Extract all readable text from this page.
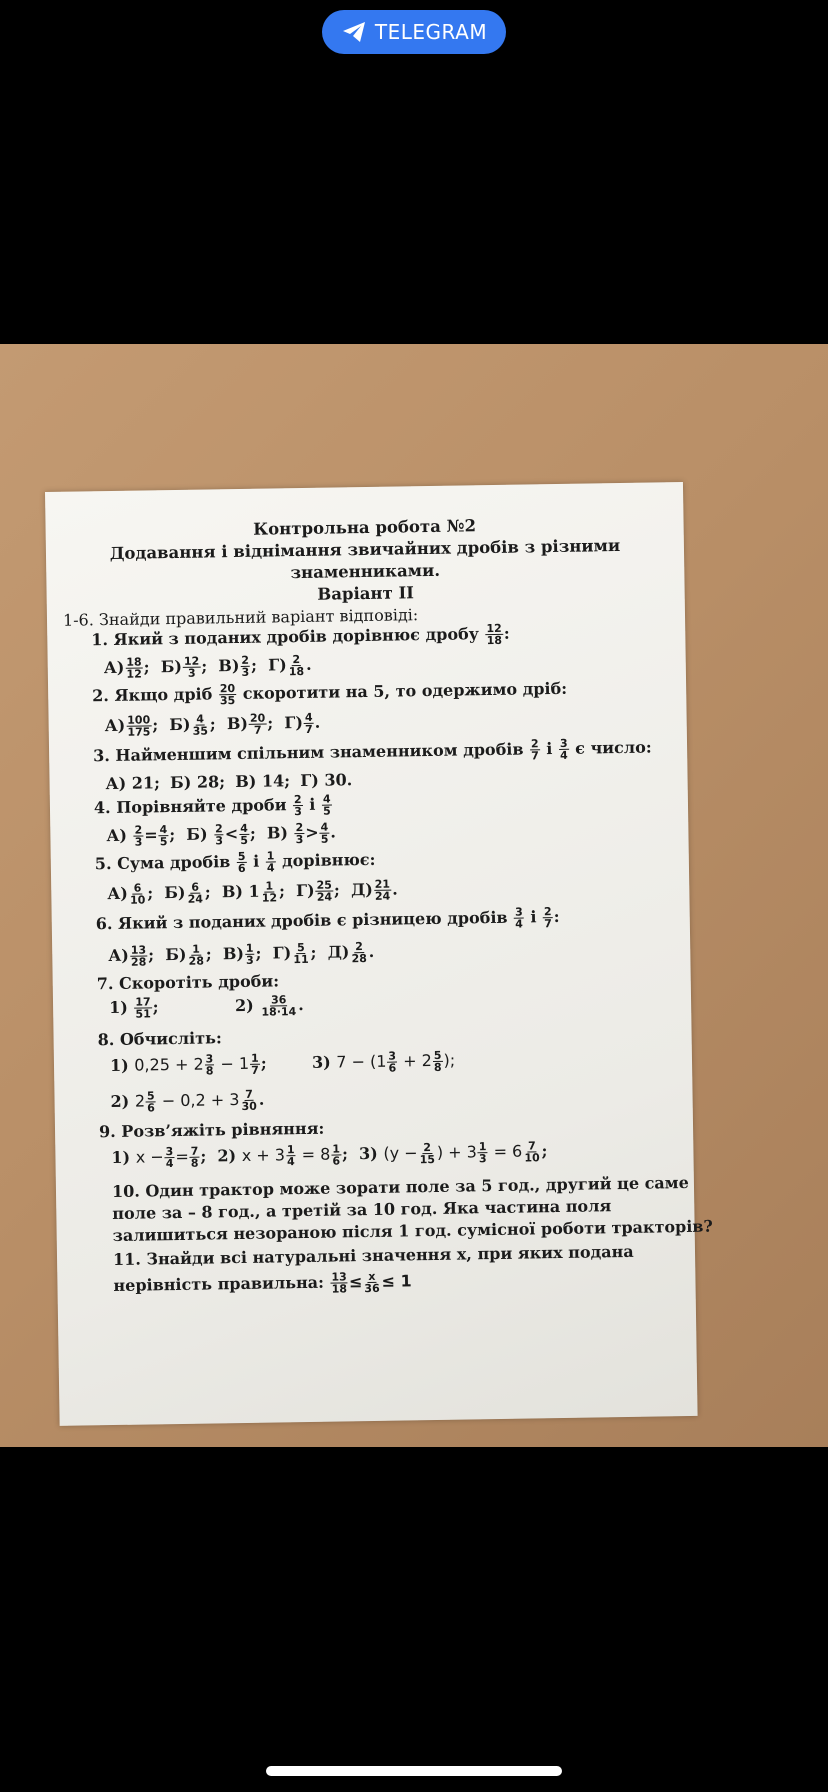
TELEGRAM
Контрольна робота №2
Додавання і віднімання звичайних дробів з різними
знаменниками.
Варіант ІІ
1-6. Знайди правильний варіант відповіді:
1. Який з поданих дробів дорівнює дробу $\frac{12}{18}$ :
$А) \frac{18}{12}$ ;  $Б) \frac{12}{3}$ ;  $В) \frac{2}{3}$ ;  $Г) \frac{2}{18}$ .
2. Якщо дріб $\frac{20}{35}$ скоротити на 5, то одержимо дріб:
$А) \frac{100}{175}$ ;  $Б) \frac{4}{35}$ ;  $В) \frac{20}{7}$ ;  $Г) \frac{4}{7}$ .
3. Найменшим спільним знаменником дробів $\frac{2}{7}$ і $\frac{3}{4}$ є число:
А) 21; Б) 28; В) 14; Г) 30.
4. Порівняйте дроби $\frac{2}{3}$ і $\frac{4}{5}$
$А) \frac{2}{3} = \frac{4}{5}$ ;  $Б) \frac{2}{3} < \frac{4}{5}$ ;  $В) \frac{2}{3} > \frac{4}{5}$ .
5. Сума дробів $\frac{5}{6}$ і $\frac{1}{4}$ дорівнює:
$А) \frac{6}{10}$ ;  $Б) \frac{6}{24}$ ;  В) $1 \frac{1}{12}$ ;  $Г) \frac{25}{24}$ ;  $Д) \frac{21}{24}$ .
6. Який з поданих дробів є різницею дробів $\frac{3}{4}$ і $\frac{2}{7}$ :
$А) \frac{13}{28}$ ;  $Б) \frac{1}{28}$ ;  $В) \frac{1}{3}$ ;  $Г) \frac{5}{11}$ ;  $Д) \frac{2}{28}$ .
7. Скоротіть дроби:
$1) \frac{17}{51}$ ;	$2) \frac{36}{18\cdot 14}$ .
8. Обчисліть:
1) $0,25 + 2 \frac{3}{8} - 1 \frac{1}{7}$ ;	3) $7 - (1 \frac{3}{6} + 2 \frac{5}{8}$ );
2) $2 \frac{5}{6} - 0,2 + 3 \frac{7}{30}$ .
9. Розв’яжіть рівняння:
1) $x - \frac{3}{4} = \frac{7}{8}$ ;  2) $x + 3 \frac{1}{4} = 8 \frac{1}{6}$ ;  3) ($y - \frac{2}{15}$ ) + $3 \frac{1}{3} = 6 \frac{7}{10}$ ;
10. Один трактор може зорати поле за 5 год., другий це саме
поле за – 8 год., а третій за 10 год. Яка частина поля
залишиться незораною після 1 год. сумісної роботи тракторів?
11. Знайди всі натуральні значення х, при яких подана
нерівність правильна: $\frac{13}{18} \le \frac{x}{36} \le 1$
